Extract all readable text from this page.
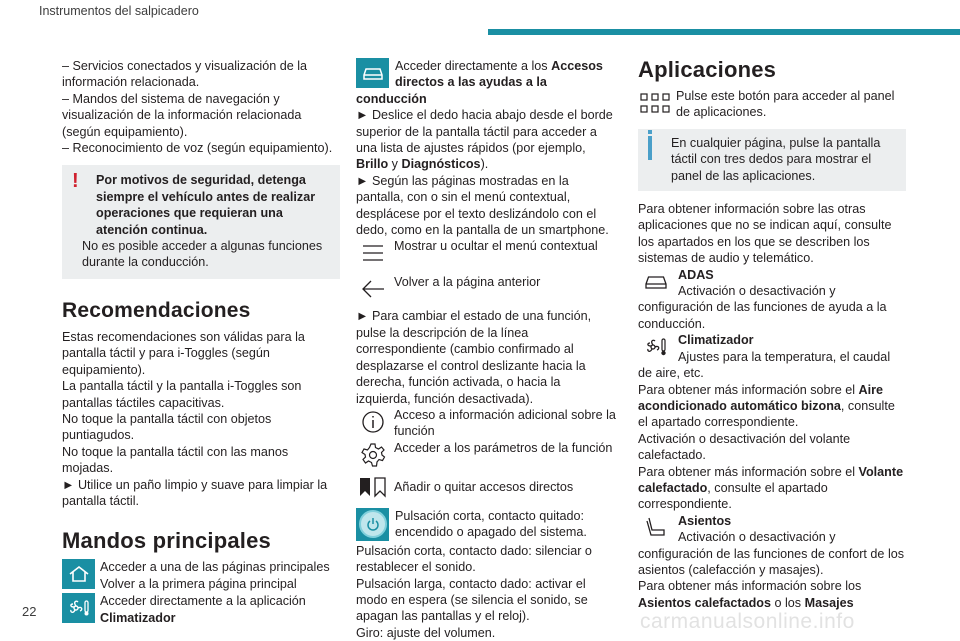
Instrumentos del salpicadero

– Servicios conectados y visualización de la información relacionada.

– Mandos del sistema de navegación y visualización de la información relacionada (según equipamiento).

– Reconocimiento de voz (según equipamiento).

!	Por motivos de seguridad, detenga siempre el vehículo antes de realizar operaciones que requieran una atención continua.

No es posible acceder a algunas funciones durante la conducción.

Recomendaciones

Estas recomendaciones son válidas para la pantalla táctil y para i-Toggles (según equipamiento).

La pantalla táctil y la pantalla i-Toggles son pantallas táctiles capacitivas.

No toque la pantalla táctil con objetos puntiagudos.

No toque la pantalla táctil con las manos mojadas.

► Utilice un paño limpio y suave para limpiar la pantalla táctil.

Mandos principales

Acceder a una de las páginas principales

Volver a la primera página principal

Acceder directamente a la aplicación

Climatizador

Acceder directamente a los Accesos directos a las ayudas a la conducción

► Deslice el dedo hacia abajo desde el borde superior de la pantalla táctil para acceder a una lista de ajustes rápidos (por ejemplo, Brillo y Diagnósticos).

► Según las páginas mostradas en la pantalla, con o sin el menú contextual, desplácese por el texto deslizándolo con el dedo, como en la pantalla de un smartphone.

Mostrar u ocultar el menú contextual

Volver a la página anterior

► Para cambiar el estado de una función, pulse la descripción de la línea correspondiente (cambio confirmado al desplazarse el control deslizante hacia la derecha, función activada, o hacia la izquierda, función desactivada).

Acceso a información adicional sobre la función

Acceder a los parámetros de la función

Añadir o quitar accesos directos

Pulsación corta, contacto quitado: encendido o apagado del sistema.

Pulsación corta, contacto dado: silenciar o restablecer el sonido.

Pulsación larga, contacto dado: activar el modo en espera (se silencia el sonido, se apagan las pantallas y el reloj).

Giro: ajuste del volumen.

Aplicaciones

Pulse este botón para acceder al panel de aplicaciones.

En cualquier página, pulse la pantalla táctil con tres dedos para mostrar el panel de las aplicaciones.

Para obtener información sobre las otras aplicaciones que no se indican aquí, consulte los apartados en los que se describen los sistemas de audio y telemático.

ADAS

Activación o desactivación y configuración de las funciones de ayuda a la conducción.

Climatizador

Ajustes para la temperatura, el caudal de aire, etc.

Para obtener más información sobre el Aire acondicionado automático bizona, consulte el apartado correspondiente.

Activación o desactivación del volante calefactado.

Para obtener más información sobre el Volante calefactado, consulte el apartado correspondiente.

Asientos

Activación o desactivación y configuración de las funciones de confort de los asientos (calefacción y masajes).

Para obtener más información sobre los Asientos calefactados o los Masajes

22	carmanualsonline.info
